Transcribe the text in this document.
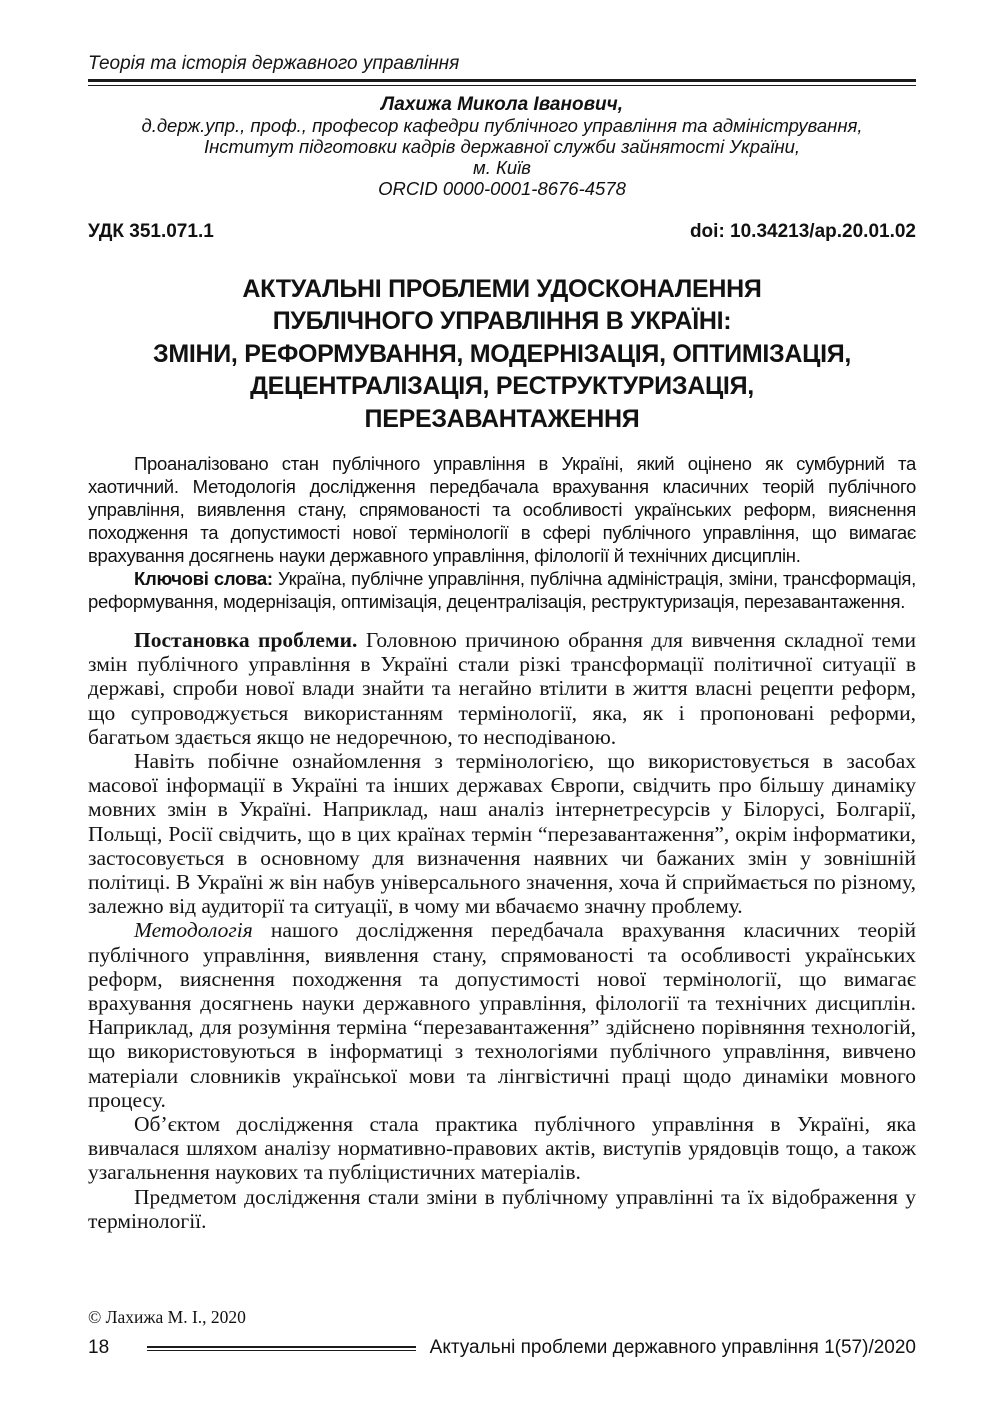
Теорія та історія державного управління
Лахижа Микола Іванович,
д.держ.упр., проф., професор кафедри публічного управління та адміністрування,
Інститут підготовки кадрів державної служби зайнятості України,
м. Київ
ORCID 0000-0001-8676-4578
УДК 351.071.1	doi: 10.34213/ap.20.01.02
АКТУАЛЬНІ ПРОБЛЕМИ УДОСКОНАЛЕННЯ
ПУБЛІЧНОГО УПРАВЛІННЯ В УКРАЇНІ:
ЗМІНИ, РЕФОРМУВАННЯ, МОДЕРНІЗАЦІЯ, ОПТИМІЗАЦІЯ,
ДЕЦЕНТРАЛІЗАЦІЯ, РЕСТРУКТУРИЗАЦІЯ,
ПЕРЕЗАВАНТАЖЕННЯ

Проаналізовано стан публічного управління в Україні, який оцінено як сумбурний та хаотичний. Методологія дослідження передбачала врахування класичних теорій публічного управління, виявлення стану, спрямованості та особливості українських реформ, вияснення походження та допустимості нової термінології в сфері публічного управління, що вимагає врахування досягнень науки державного управління, філології й технічних дисциплін.

Ключові слова: Україна, публічне управління, публічна адміністрація, зміни, трансформація, реформування, модернізація, оптимізація, децентралізація, реструктуризація, перезавантаження.

Постановка проблеми. Головною причиною обрання для вивчення складної теми змін публічного управління в Україні стали різкі трансформації політичної ситуації в державі, спроби нової влади знайти та негайно втілити в життя власні рецепти реформ, що супроводжується використанням термінології, яка, як і пропоновані реформи, багатьом здається якщо не недоречною, то несподіваною.

Навіть побічне ознайомлення з термінологією, що використовується в засобах масової інформації в Україні та інших державах Європи, свідчить про більшу динаміку мовних змін в Україні. Наприклад, наш аналіз інтернетресурсів у Білорусі, Болгарії, Польщі, Росії свідчить, що в цих країнах термін “перезавантаження”, окрім інформатики, застосовується в основному для визначення наявних чи бажаних змін у зовнішній політиці. В Україні ж він набув універсального значення, хоча й сприймається по різному, залежно від аудиторії та ситуації, в чому ми вбачаємо значну проблему.

Методологія нашого дослідження передбачала врахування класичних теорій публічного управління, виявлення стану, спрямованості та особливості українських реформ, вияснення походження та допустимості нової термінології, що вимагає врахування досягнень науки державного управління, філології та технічних дисциплін. Наприклад, для розуміння терміна “перезавантаження” здійснено порівняння технологій, що використовуються в інформатиці з технологіями публічного управління, вивчено матеріали словників української мови та лінгвістичні праці щодо динаміки мовного процесу.

Об’єктом дослідження стала практика публічного управління в Україні, яка вивчалася шляхом аналізу нормативно-правових актів, виступів урядовців тощо, а також узагальнення наукових та публіцистичних матеріалів.

Предметом дослідження стали зміни в публічному управлінні та їх відображення у термінології.

© Лахижа М. І., 2020
18	Актуальні проблеми державного управління 1(57)/2020
